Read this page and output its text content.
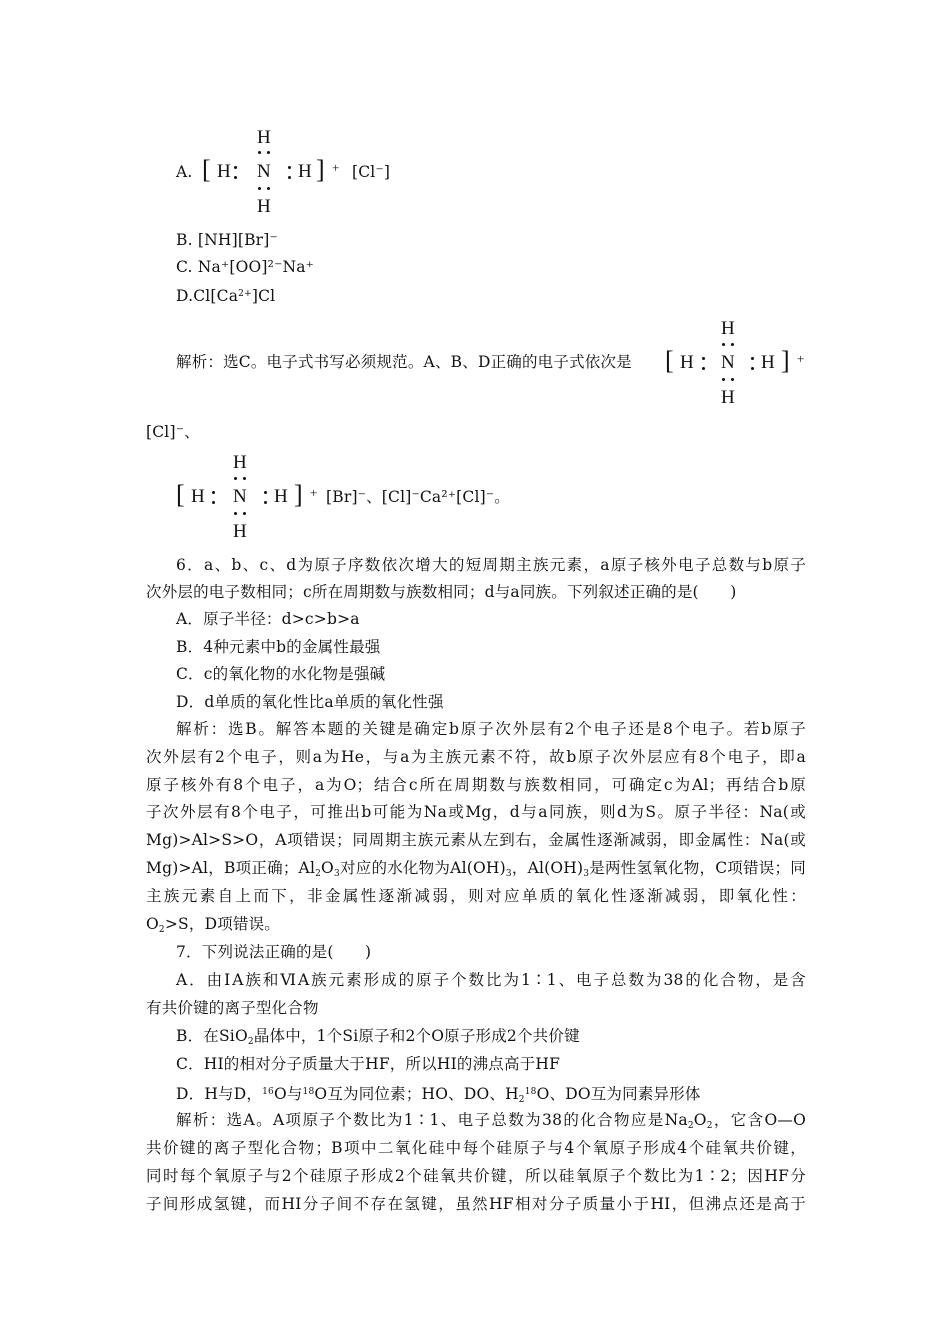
A. [ H
H
N
H
H ] + [Cl⁻]
B. [NH][Br]⁻
C. Na⁺[OO]²⁻Na⁺
$D.Cl[Ca^{2+}]Cl$
解析：选C。电子式书写必须规范。A、B、D正确的电子式依次是 [ H
H
N
H
H ] +
[Cl]⁻、
[ H
H
N
H
H ] + [Br]⁻、[Cl]⁻Ca²⁺[Cl]⁻。
6．a、b、c、d为原子序数依次增大的短周期主族元素，a原子核外电子总数与b原子
次外层的电子数相同；c所在周期数与族数相同；d与a同族。下列叙述正确的是(　　)
A．原子半径：d>c>b>a
B．4种元素中b的金属性最强
C．c的氧化物的水化物是强碱
D．d单质的氧化性比a单质的氧化性强
解析：选B。解答本题的关键是确定b原子次外层有2个电子还是8个电子。若b原子
次外层有2个电子，则a为He，与a为主族元素不符，故b原子次外层应有8个电子，即a
原子核外有8个电子，a为O；结合c所在周期数与族数相同，可确定c为Al；再结合b原
子次外层有8个电子，可推出b可能为Na或Mg，d与a同族，则d为S。原子半径：Na(或
Mg)>Al>S>O，A项错误；同周期主族元素从左到右，金属性逐渐减弱，即金属性：Na(或
Mg)>Al，B项正确；$Al_2O_3$对应的水化物为$Al(OH)_3$，$Al(OH)_3$是两性氢氧化物，C项错误；同
主族元素自上而下，非金属性逐渐减弱，则对应单质的氧化性逐渐减弱，即氧化性：
$O_2>S$，D项错误。
7．下列说法正确的是(　　)
A．由ⅠA族和ⅥA族元素形成的原子个数比为1∶1、电子总数为38的化合物，是含
有共价键的离子型化合物
B．在SiO$_2$晶体中，1个Si原子和2个O原子形成2个共价键
C．HI的相对分子质量大于HF，所以HI的沸点高于HF
D．H与D，$^{16}$O与$^{18}$O互为同位素；HO、DO、$H_2^{18}O$、DO互为同素异形体
解析：选A。A项原子个数比为1∶1、电子总数为38的化合物应是$Na_2O_2$，它含O—O
共价键的离子型化合物；B项中二氧化硅中每个硅原子与4个氧原子形成4个硅氧共价键，
同时每个氧原子与2个硅原子形成2个硅氧共价键，所以硅氧原子个数比为1∶2；因HF分
子间形成氢键，而HI分子间不存在氢键，虽然HF相对分子质量小于HI，但沸点还是高于
